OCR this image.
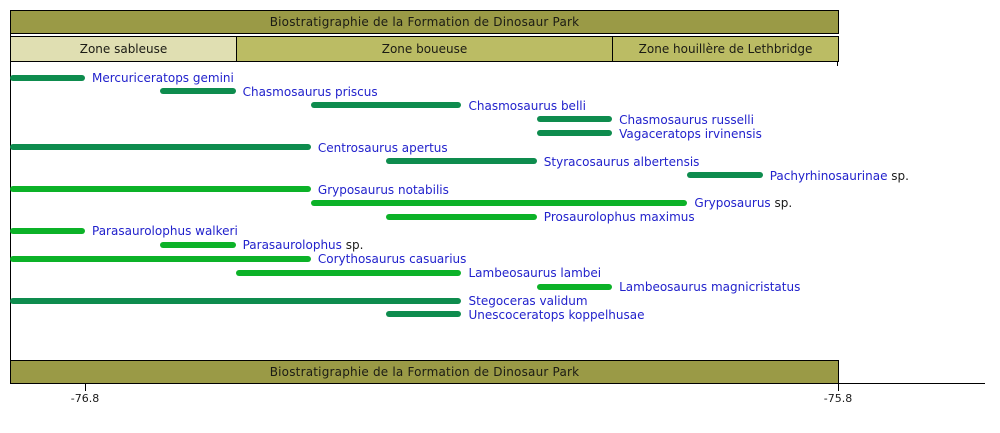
Biostratigraphie de la Formation de Dinosaur Park
Zone sableuse	Zone boueuse	Zone houillère de Lethbridge
Mercuriceratops gemini
Chasmosaurus priscus
Chasmosaurus belli
Chasmosaurus russelli
Vagaceratops irvinensis
Centrosaurus apertus
Styracosaurus albertensis
Pachyrhinosaurinae sp.
Gryposaurus notabilis
Gryposaurus sp.
Prosaurolophus maximus
Parasaurolophus walkeri
Parasaurolophus sp.
Corythosaurus casuarius
Lambeosaurus lambei
Lambeosaurus magnicristatus
Stegoceras validum
Unescoceratops koppelhusae
Biostratigraphie de la Formation de Dinosaur Park
-76.8	-75.8
